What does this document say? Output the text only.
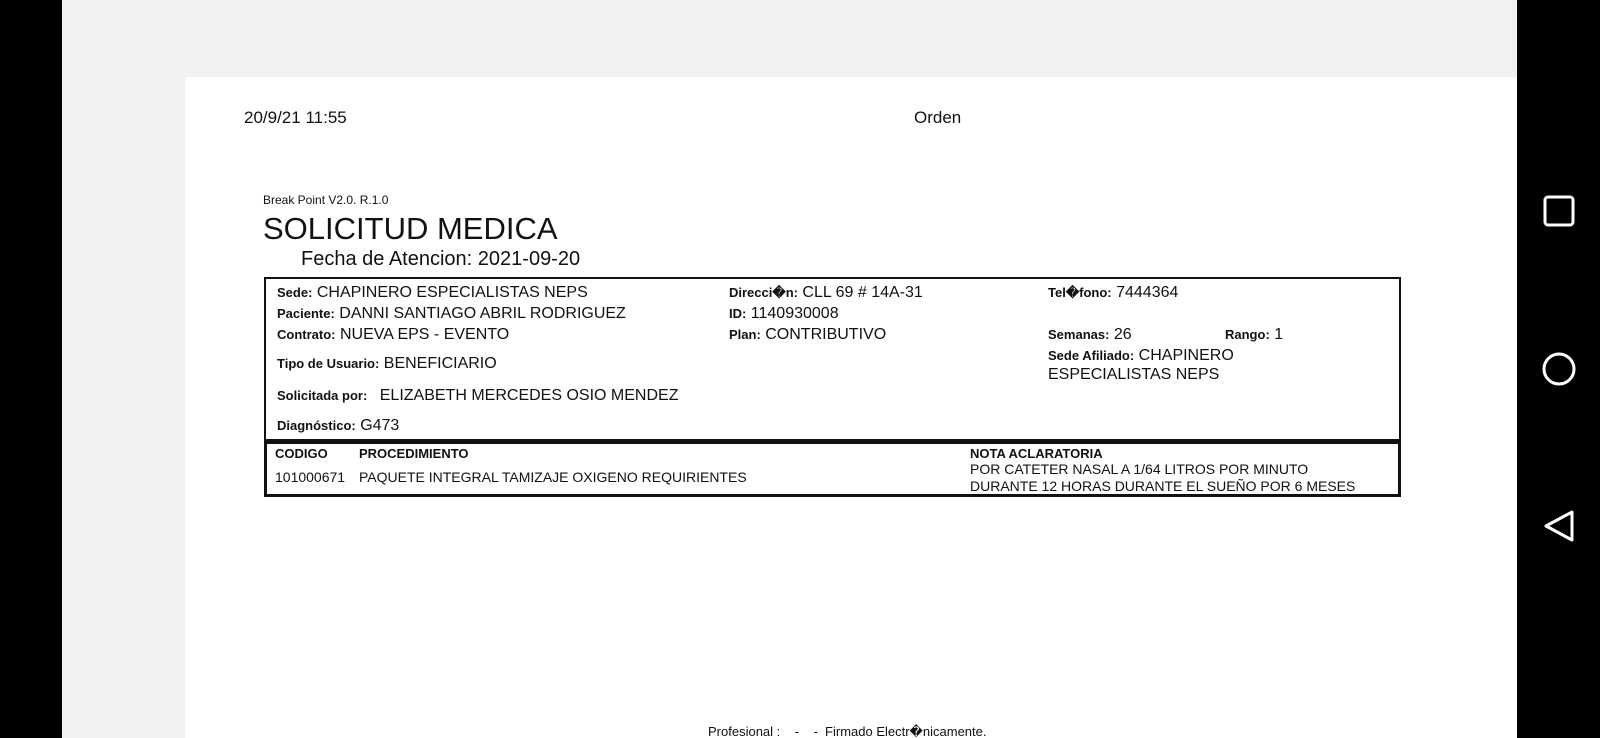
20/9/21 11:55	Orden
Break Point V2.0. R.1.0
SOLICITUD MEDICA
Fecha de Atencion: 2021-09-20
Sede: CHAPINERO ESPECIALISTAS NEPS	Direcci�n: CLL 69 # 14A-31	Tel�fono: 7444364
Paciente: DANNI SANTIAGO ABRIL RODRIGUEZ	ID: 1140930008
Contrato: NUEVA EPS - EVENTO	Plan: CONTRIBUTIVO	Semanas: 26	Rango: 1
Tipo de Usuario: BENEFICIARIO	Sede Afiliado: CHAPINERO
ESPECIALISTAS NEPS
Solicitada por: ELIZABETH MERCEDES OSIO MENDEZ
Diagnóstico: G473
CODIGO PROCEDIMIENTO	NOTA ACLARATORIA
101000671 PAQUETE INTEGRAL TAMIZAJE OXIGENO REQUIRIENTES	POR CATETER NASAL A 1/64 LITROS POR MINUTO
DURANTE 12 HORAS DURANTE EL SUEÑO POR 6 MESES
Profesional :    -    -  Firmado Electr�nicamente.
